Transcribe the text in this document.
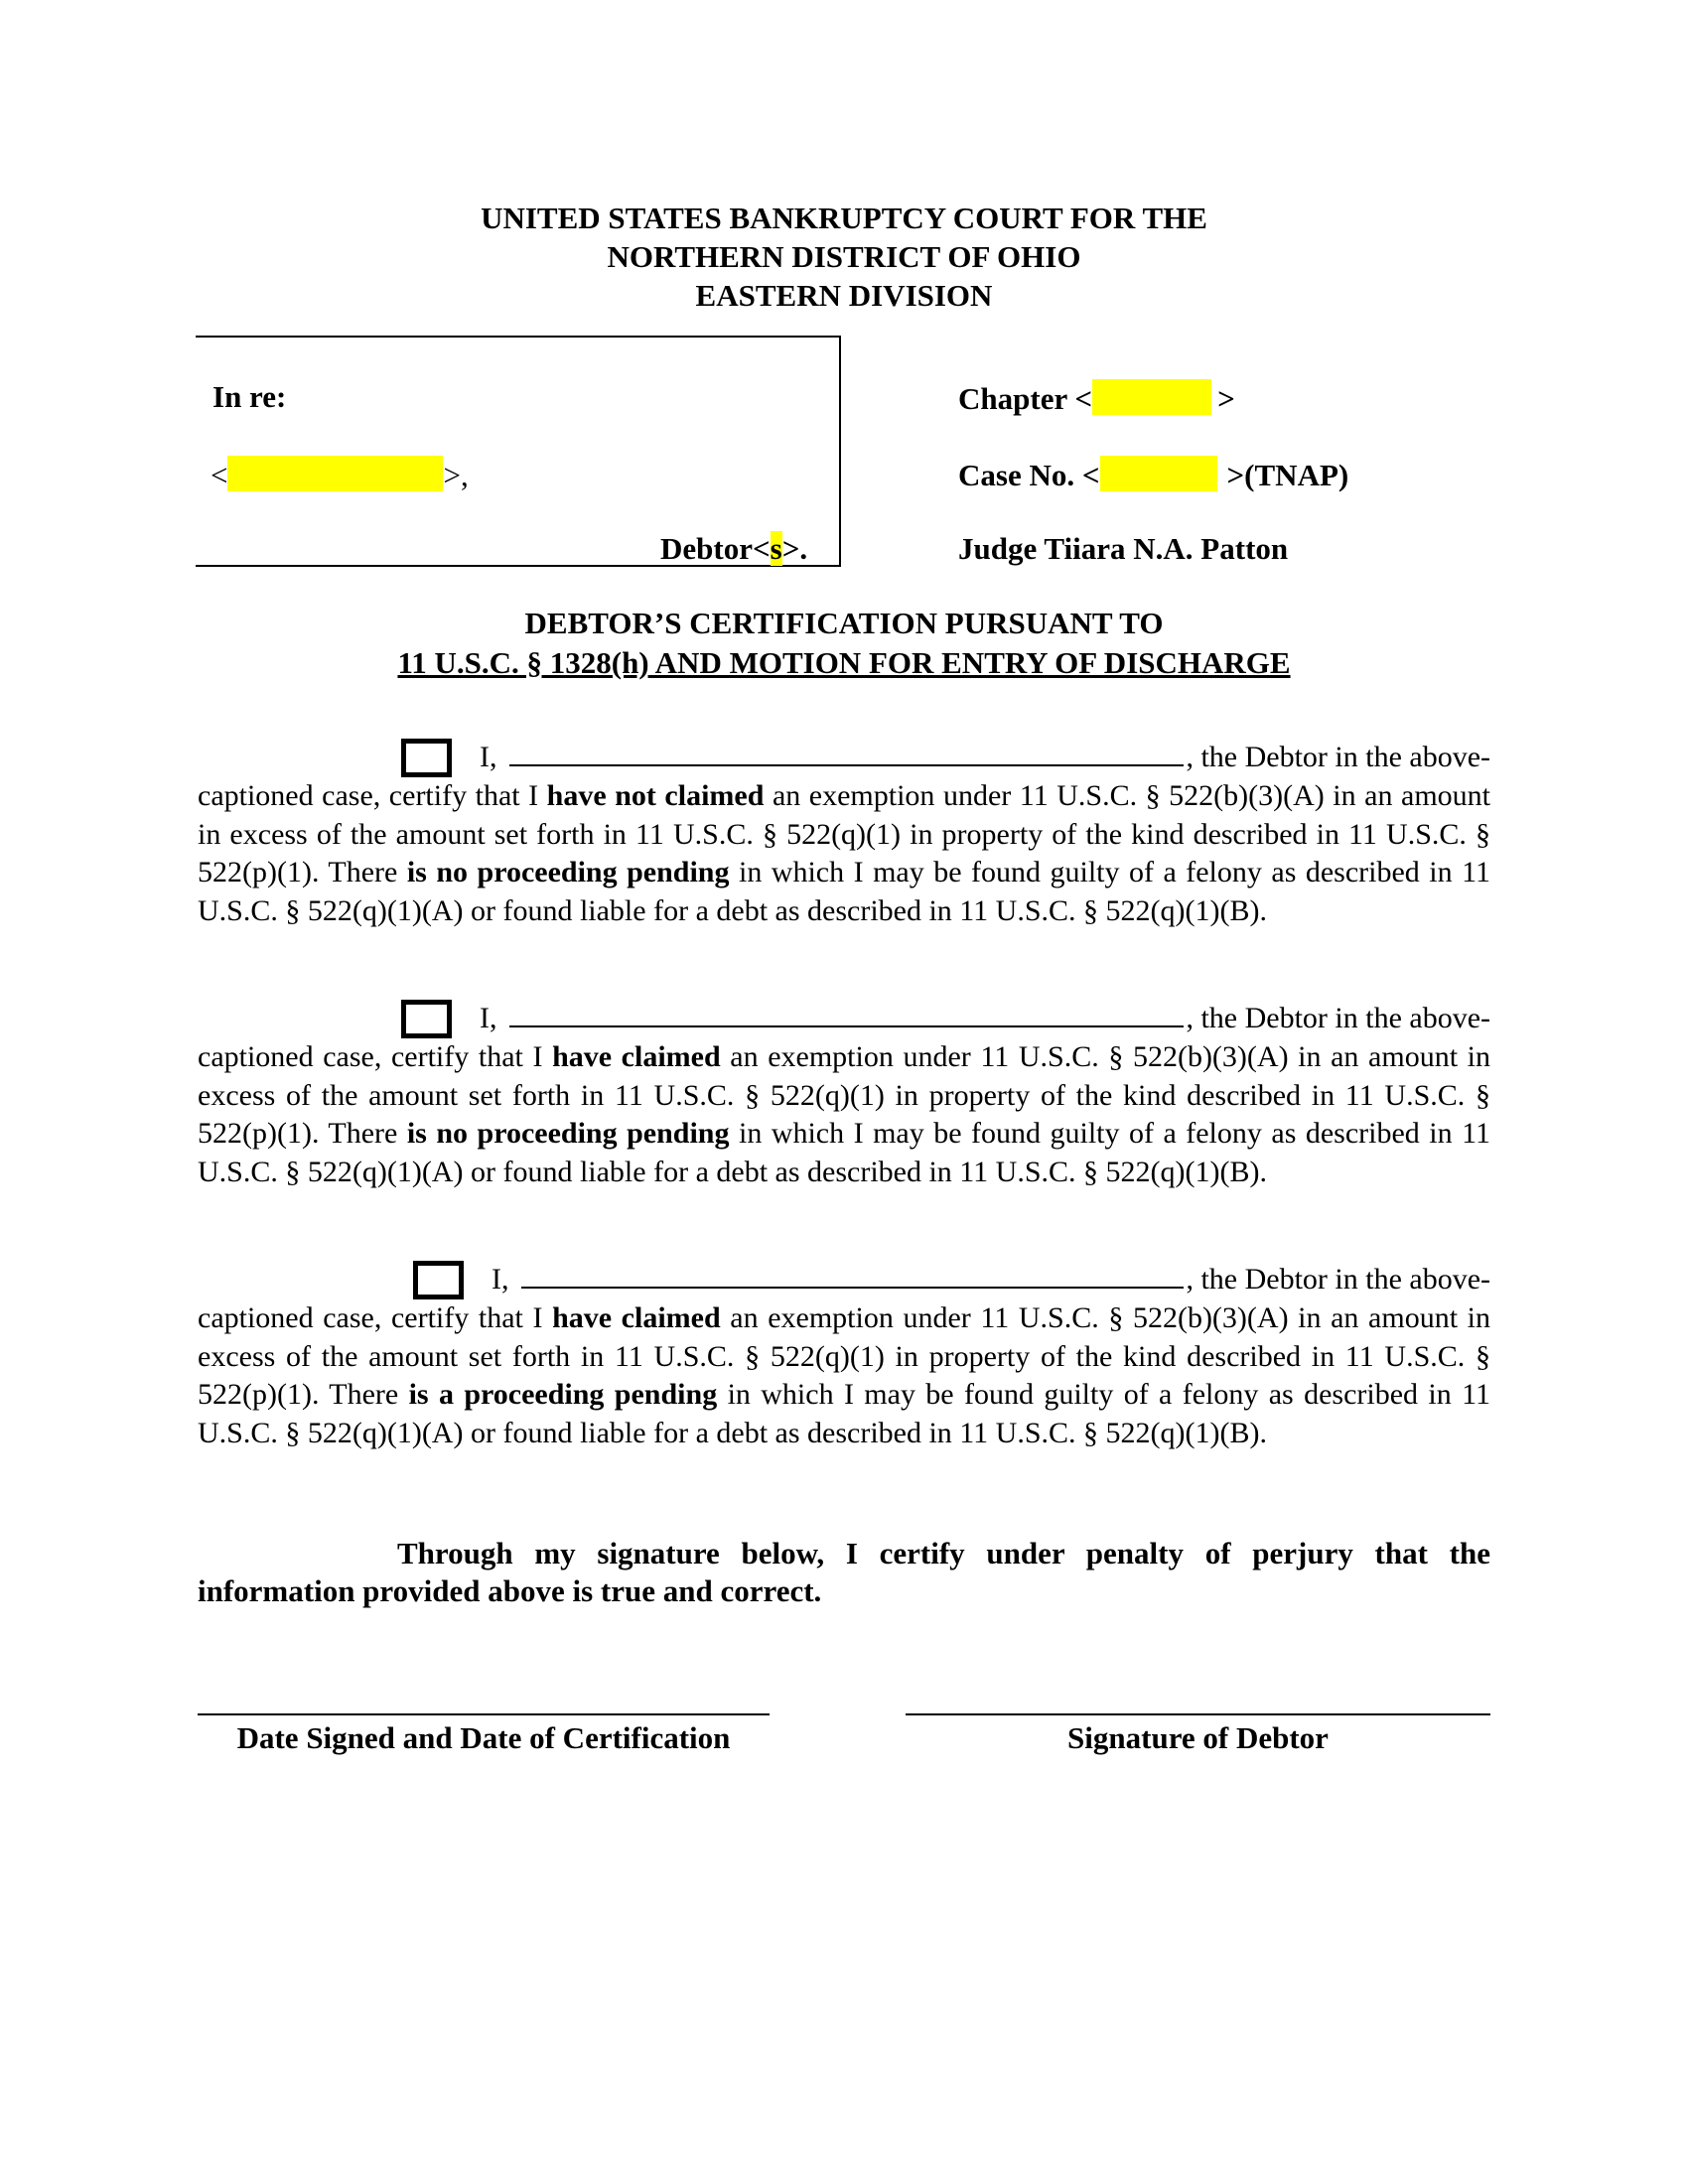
UNITED STATES BANKRUPTCY COURT FOR THE
NORTHERN DISTRICT OF OHIO
EASTERN DIVISION
In re:
<	>,
Debtor<s>.
Chapter <	>
Case No. <	>(TNAP)
Judge Tiiara N.A. Patton
DEBTOR’S CERTIFICATION PURSUANT TO
11 U.S.C. § 1328(h) AND MOTION FOR ENTRY OF DISCHARGE
I,	, the Debtor in the above-
captioned case, certify that I have not claimed an exemption under 11 U.S.C. § 522(b)(3)(A) in an amount in excess of the amount set forth in 11 U.S.C. § 522(q)(1) in property of the kind described in 11 U.S.C. § 522(p)(1). There is no proceeding pending in which I may be found guilty of a felony as described in 11 U.S.C. § 522(q)(1)(A) or found liable for a debt as described in 11 U.S.C. § 522(q)(1)(B).
I,	, the Debtor in the above-
captioned case, certify that I have claimed an exemption under 11 U.S.C. § 522(b)(3)(A) in an amount in excess of the amount set forth in 11 U.S.C. § 522(q)(1) in property of the kind described in 11 U.S.C. § 522(p)(1). There is no proceeding pending in which I may be found guilty of a felony as described in 11 U.S.C. § 522(q)(1)(A) or found liable for a debt as described in 11 U.S.C. § 522(q)(1)(B).
I,	, the Debtor in the above-
captioned case, certify that I have claimed an exemption under 11 U.S.C. § 522(b)(3)(A) in an amount in excess of the amount set forth in 11 U.S.C. § 522(q)(1) in property of the kind described in 11 U.S.C. § 522(p)(1). There is a proceeding pending in which I may be found guilty of a felony as described in 11 U.S.C. § 522(q)(1)(A) or found liable for a debt as described in 11 U.S.C. § 522(q)(1)(B).
Through my signature below, I certify under penalty of perjury that the information provided above is true and correct.
Date Signed and Date of Certification	Signature of Debtor
